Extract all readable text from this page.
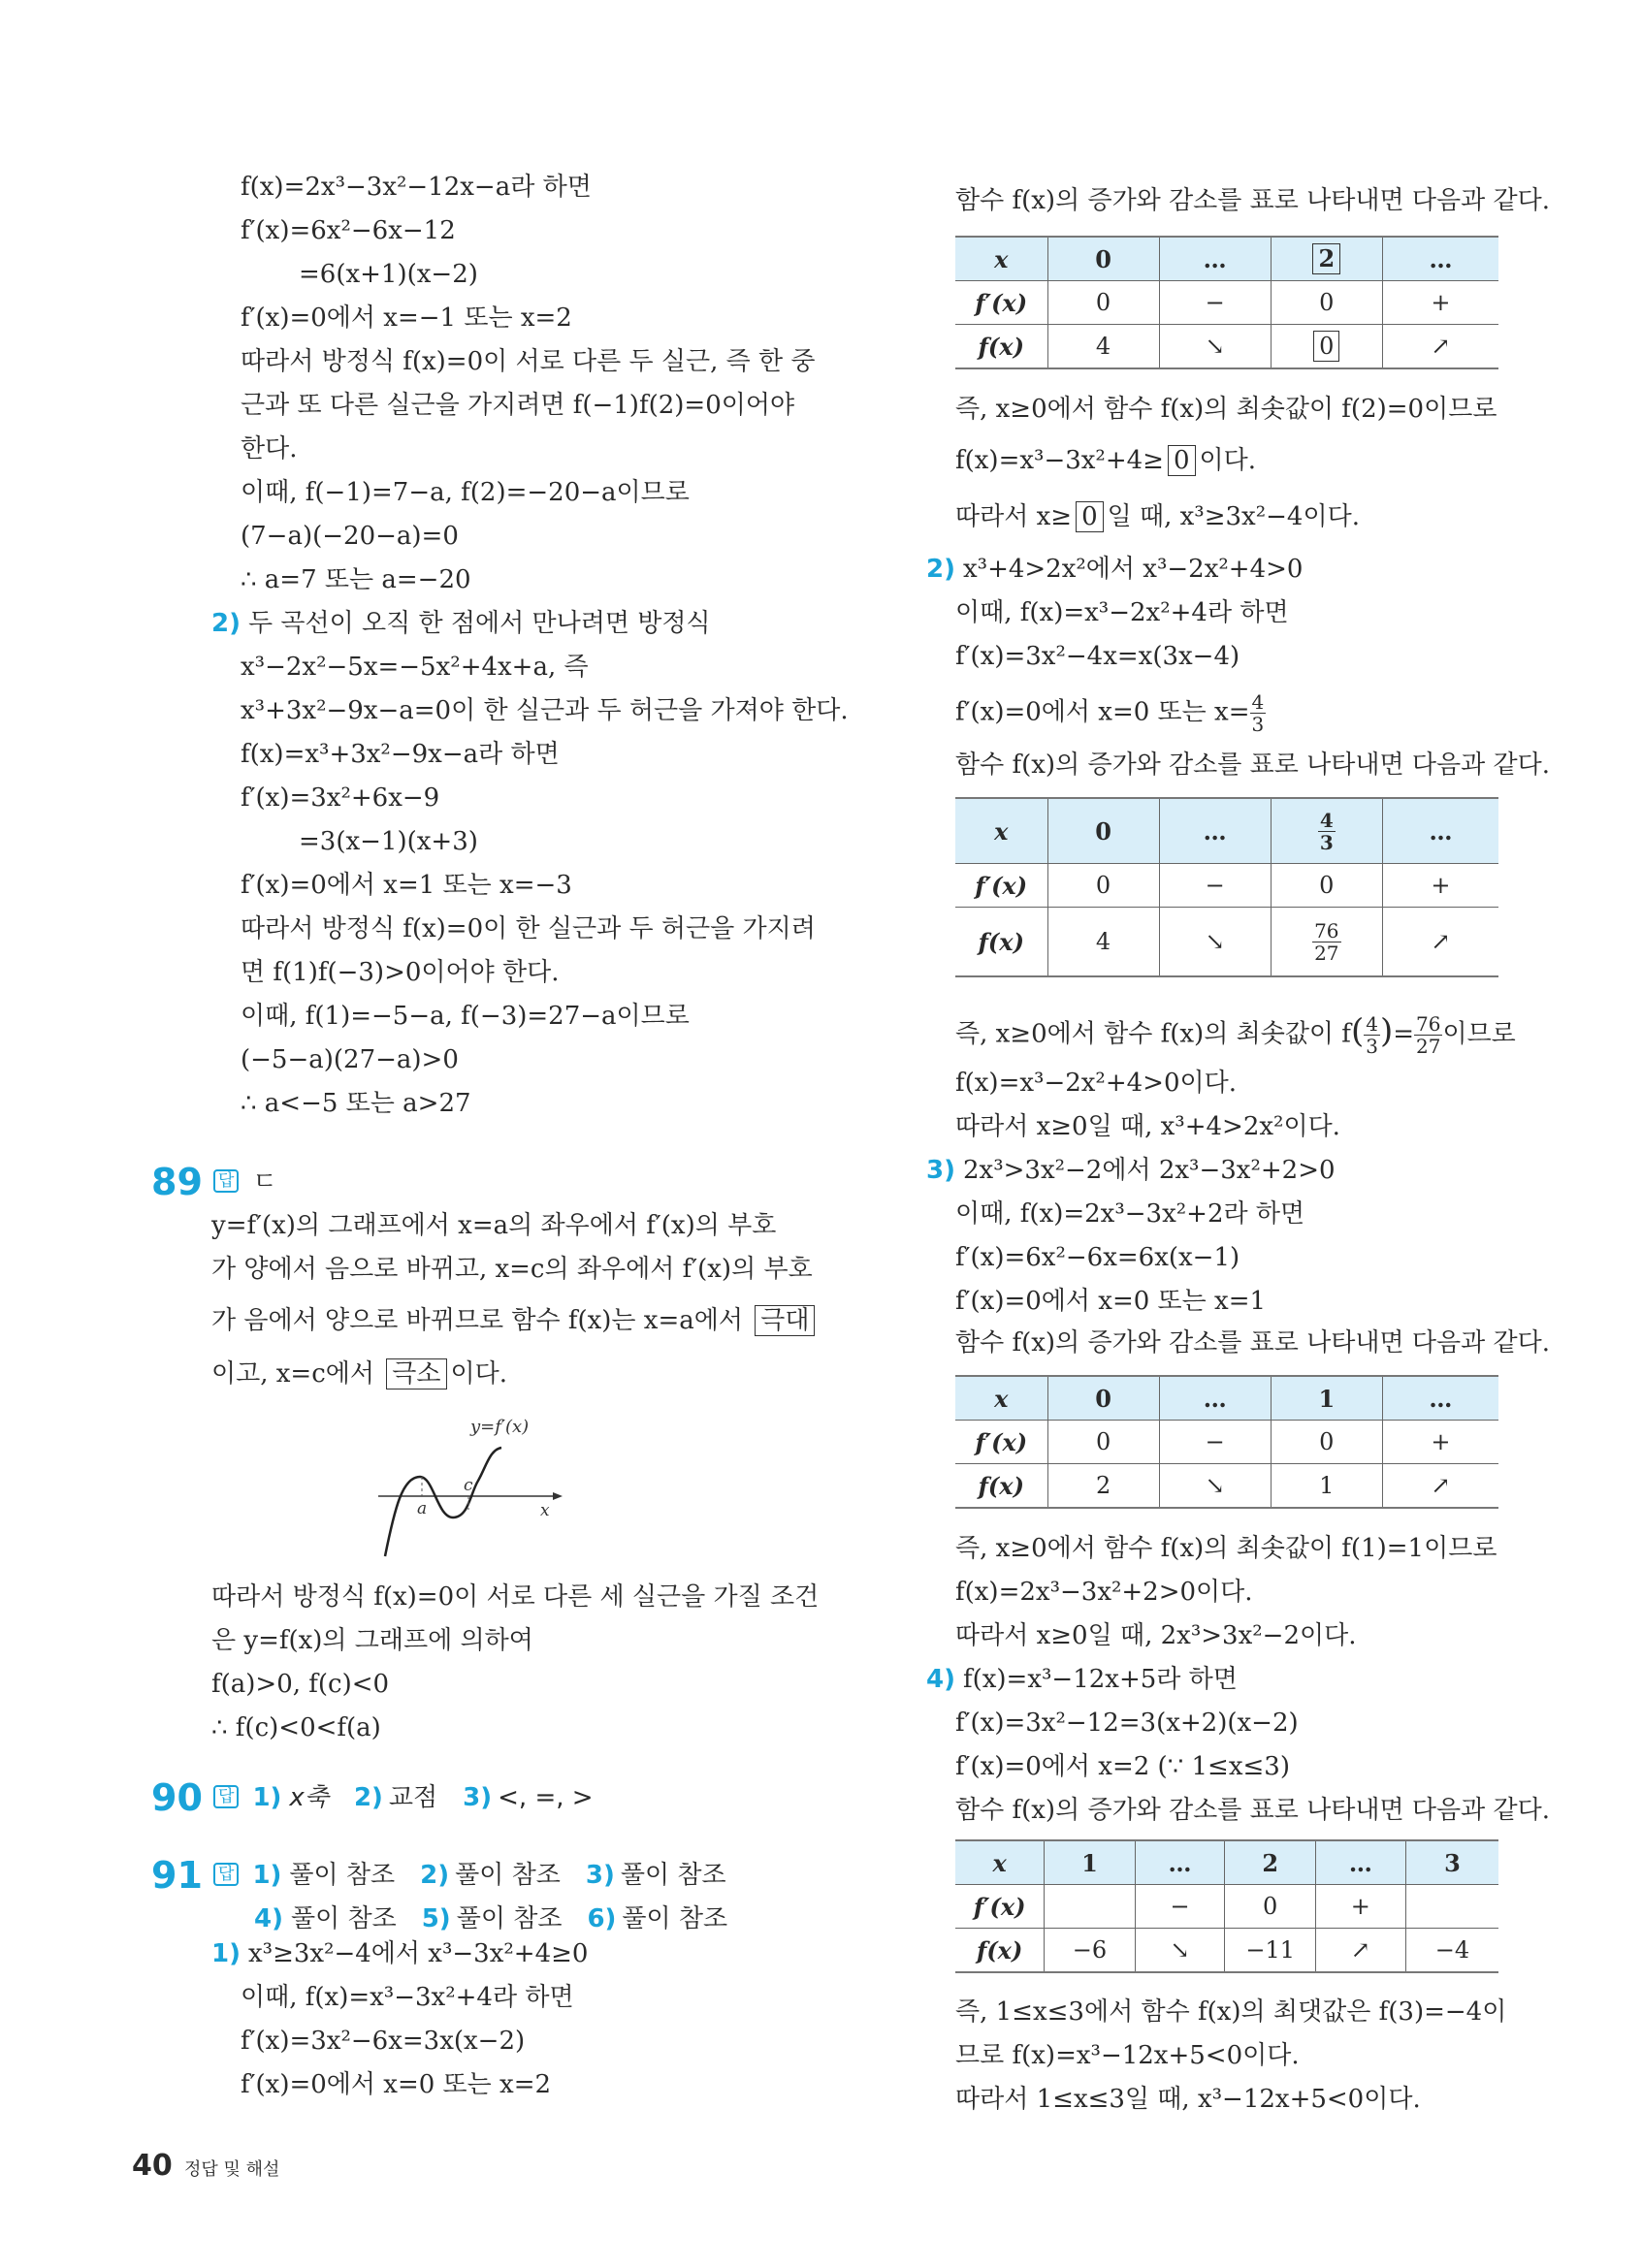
89 답 ㄷ
y=f′(x)의 그래프에서 x=a의 좌우에서 f′(x)의 부호
가 양에서 음으로 바뀌고, x=c의 좌우에서 f′(x)의 부호
가 음에서 양으로 바뀌므로 함수 f(x)는 x=a에서 극대
이고, x=c에서 극소 이다.
y=f′(x)
a
c
x
따라서 방정식 f(x)=0이 서로 다른 세 실근을 가질 조건
은 y=f(x)의 그래프에 의하여
f(a)>0, f(c)<0
∴ f(c)<0<f(a)
90 답 1) x축 2) 교점 3) <, =, >
91 답 1) 풀이 참조 2) 풀이 참조 3) 풀이 참조
4) 풀이 참조 5) 풀이 참조 6) 풀이 참조
함수 f(x)의 증가와 감소를 표로 나타내면 다음과 같다.
x	0	…	2	…
f′(x)	0	−	0	+
f(x)	4	↘	0	↗
즉, x≥0에서 함수 f(x)의 최솟값이 f(2)=0이므로
f(x)=x³−3x²+4≥ 0 이다.
따라서 x≥ 0 일 때, x³≥3x²−4이다.
2) x³+4>2x²에서 x³−2x²+4>0
이때, f(x)=x³−2x²+4라 하면
f′(x)=3x²−4x=x(3x−4)
f′(x)=0에서 x=0 또는 $x= \frac{4}{3}$
함수 f(x)의 증가와 감소를 표로 나타내면 다음과 같다.
x	0	…	$\frac{4}{3}$	…
f′(x)	0	−	0	+
f(x)	4	↘	$\frac{76}{27}$	↗
즉, x≥0에서 함수 f(x)의 최솟값이 $f( \frac{4}{3}$ )= $\frac{76}{27}$ 이므로
f(x)=x³−2x²+4>0이다.
따라서 x≥0일 때, x³+4>2x²이다.
3) 2x³>3x²−2에서 2x³−3x²+2>0
이때, f(x)=2x³−3x²+2라 하면
f′(x)=6x²−6x=6x(x−1)
f′(x)=0에서 x=0 또는 x=1
함수 f(x)의 증가와 감소를 표로 나타내면 다음과 같다.
x	0	…	1	…
f′(x)	0	−	0	+
f(x)	2	↘	1	↗
즉, x≥0에서 함수 f(x)의 최솟값이 f(1)=1이므로
f(x)=2x³−3x²+2>0이다.
따라서 x≥0일 때, 2x³>3x²−2이다.
4) f(x)=x³−12x+5라 하면
f′(x)=3x²−12=3(x+2)(x−2)
f′(x)=0에서 x=2 (∵ 1≤x≤3)
함수 f(x)의 증가와 감소를 표로 나타내면 다음과 같다.
x	1	…	2	…	3
f′(x)		−	0	+	
f(x)	−6	↘	−11	↗	−4
즉, 1≤x≤3에서 함수 f(x)의 최댓값은 f(3)=−4이
므로 f(x)=x³−12x+5<0이다.
따라서 1≤x≤3일 때, x³−12x+5<0이다.
40 정답 및 해설
f(x)=2x³−3x²−12x−a라 하면
f′(x)=6x²−6x−12
=6(x+1)(x−2)
f′(x)=0에서 x=−1 또는 x=2
따라서 방정식 f(x)=0이 서로 다른 두 실근, 즉 한 중
근과 또 다른 실근을 가지려면 f(−1)f(2)=0이어야
한다.
이때, f(−1)=7−a, f(2)=−20−a이므로
(7−a)(−20−a)=0
∴ a=7 또는 a=−20
2) 두 곡선이 오직 한 점에서 만나려면 방정식
x³−2x²−5x=−5x²+4x+a, 즉
x³+3x²−9x−a=0이 한 실근과 두 허근을 가져야 한다.
f(x)=x³+3x²−9x−a라 하면
f′(x)=3x²+6x−9
=3(x−1)(x+3)
f′(x)=0에서 x=1 또는 x=−3
따라서 방정식 f(x)=0이 한 실근과 두 허근을 가지려
면 f(1)f(−3)>0이어야 한다.
이때, f(1)=−5−a, f(−3)=27−a이므로
(−5−a)(27−a)>0
∴ a<−5 또는 a>27
1) x³≥3x²−4에서 x³−3x²+4≥0
이때, f(x)=x³−3x²+4라 하면
f′(x)=3x²−6x=3x(x−2)
f′(x)=0에서 x=0 또는 x=2
